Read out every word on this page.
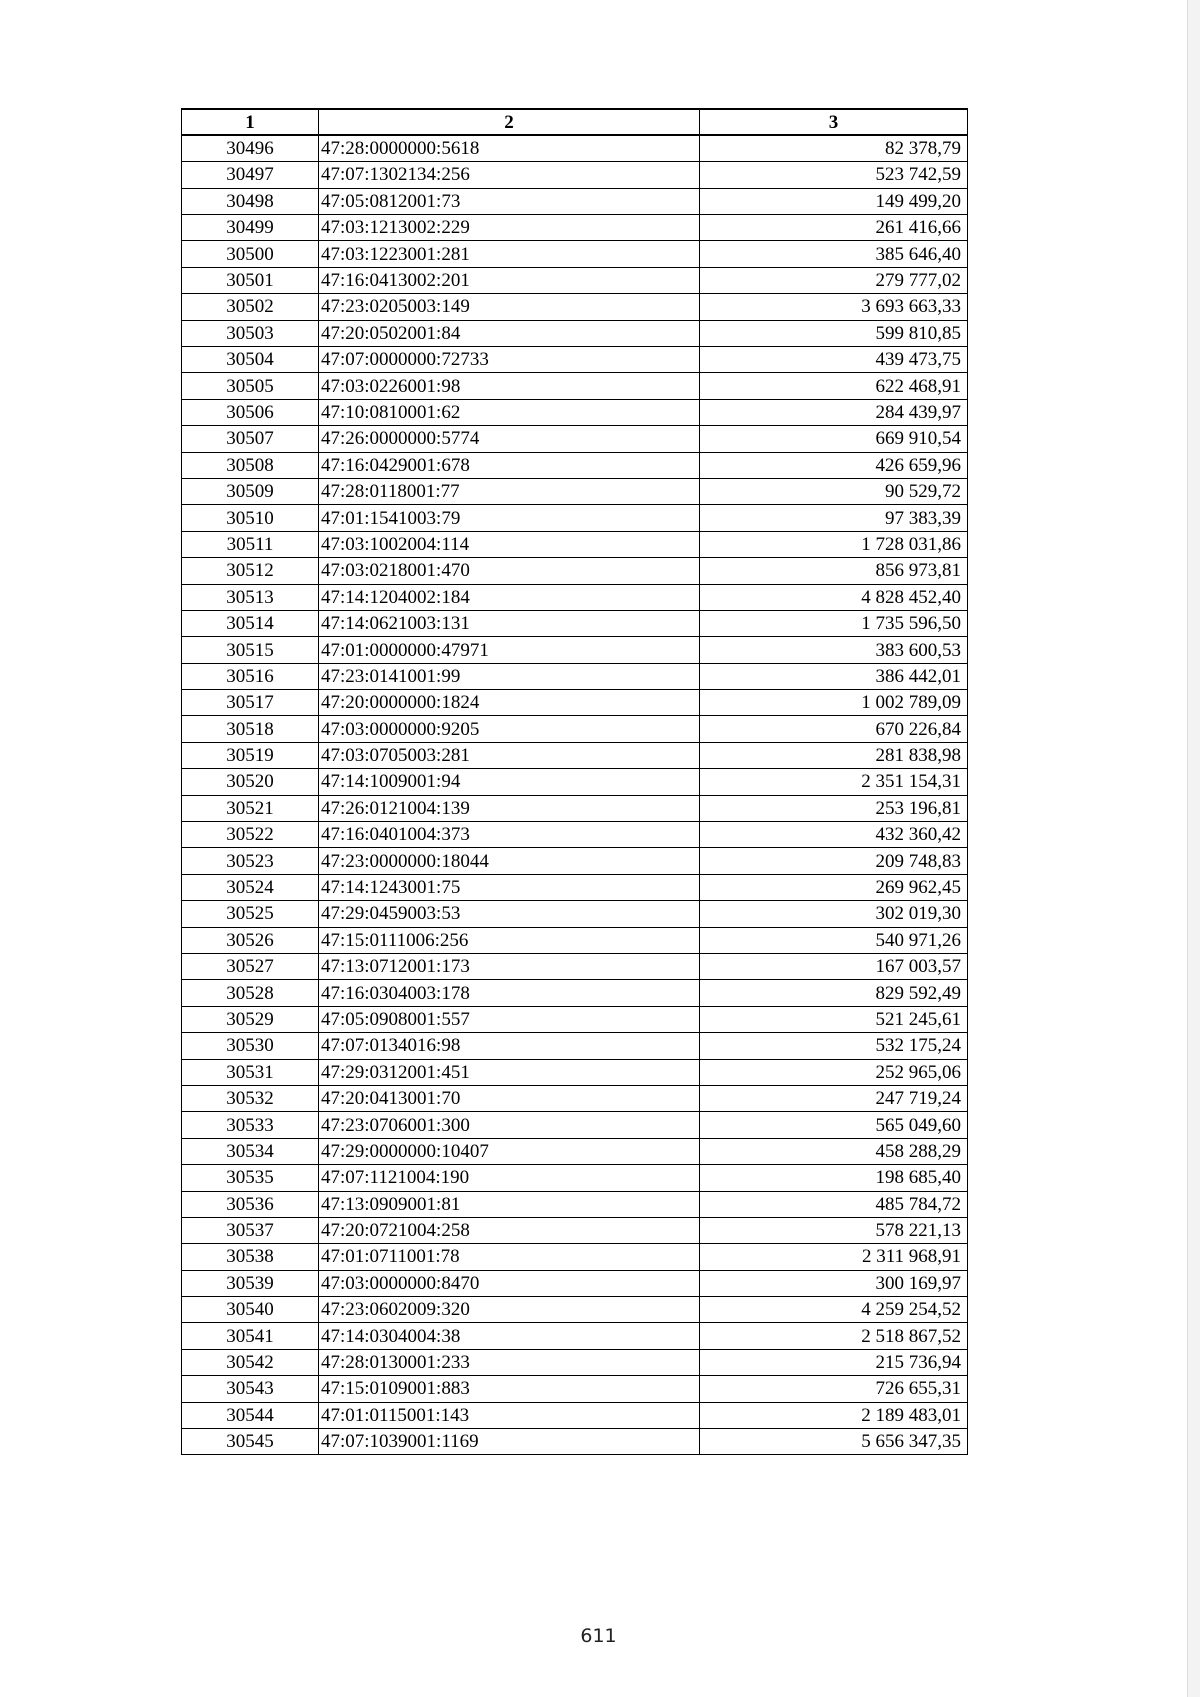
1	2	3
30496	47:28:0000000:5618	82 378,79
30497	47:07:1302134:256	523 742,59
30498	47:05:0812001:73	149 499,20
30499	47:03:1213002:229	261 416,66
30500	47:03:1223001:281	385 646,40
30501	47:16:0413002:201	279 777,02
30502	47:23:0205003:149	3 693 663,33
30503	47:20:0502001:84	599 810,85
30504	47:07:0000000:72733	439 473,75
30505	47:03:0226001:98	622 468,91
30506	47:10:0810001:62	284 439,97
30507	47:26:0000000:5774	669 910,54
30508	47:16:0429001:678	426 659,96
30509	47:28:0118001:77	90 529,72
30510	47:01:1541003:79	97 383,39
30511	47:03:1002004:114	1 728 031,86
30512	47:03:0218001:470	856 973,81
30513	47:14:1204002:184	4 828 452,40
30514	47:14:0621003:131	1 735 596,50
30515	47:01:0000000:47971	383 600,53
30516	47:23:0141001:99	386 442,01
30517	47:20:0000000:1824	1 002 789,09
30518	47:03:0000000:9205	670 226,84
30519	47:03:0705003:281	281 838,98
30520	47:14:1009001:94	2 351 154,31
30521	47:26:0121004:139	253 196,81
30522	47:16:0401004:373	432 360,42
30523	47:23:0000000:18044	209 748,83
30524	47:14:1243001:75	269 962,45
30525	47:29:0459003:53	302 019,30
30526	47:15:0111006:256	540 971,26
30527	47:13:0712001:173	167 003,57
30528	47:16:0304003:178	829 592,49
30529	47:05:0908001:557	521 245,61
30530	47:07:0134016:98	532 175,24
30531	47:29:0312001:451	252 965,06
30532	47:20:0413001:70	247 719,24
30533	47:23:0706001:300	565 049,60
30534	47:29:0000000:10407	458 288,29
30535	47:07:1121004:190	198 685,40
30536	47:13:0909001:81	485 784,72
30537	47:20:0721004:258	578 221,13
30538	47:01:0711001:78	2 311 968,91
30539	47:03:0000000:8470	300 169,97
30540	47:23:0602009:320	4 259 254,52
30541	47:14:0304004:38	2 518 867,52
30542	47:28:0130001:233	215 736,94
30543	47:15:0109001:883	726 655,31
30544	47:01:0115001:143	2 189 483,01
30545	47:07:1039001:1169	5 656 347,35
611
